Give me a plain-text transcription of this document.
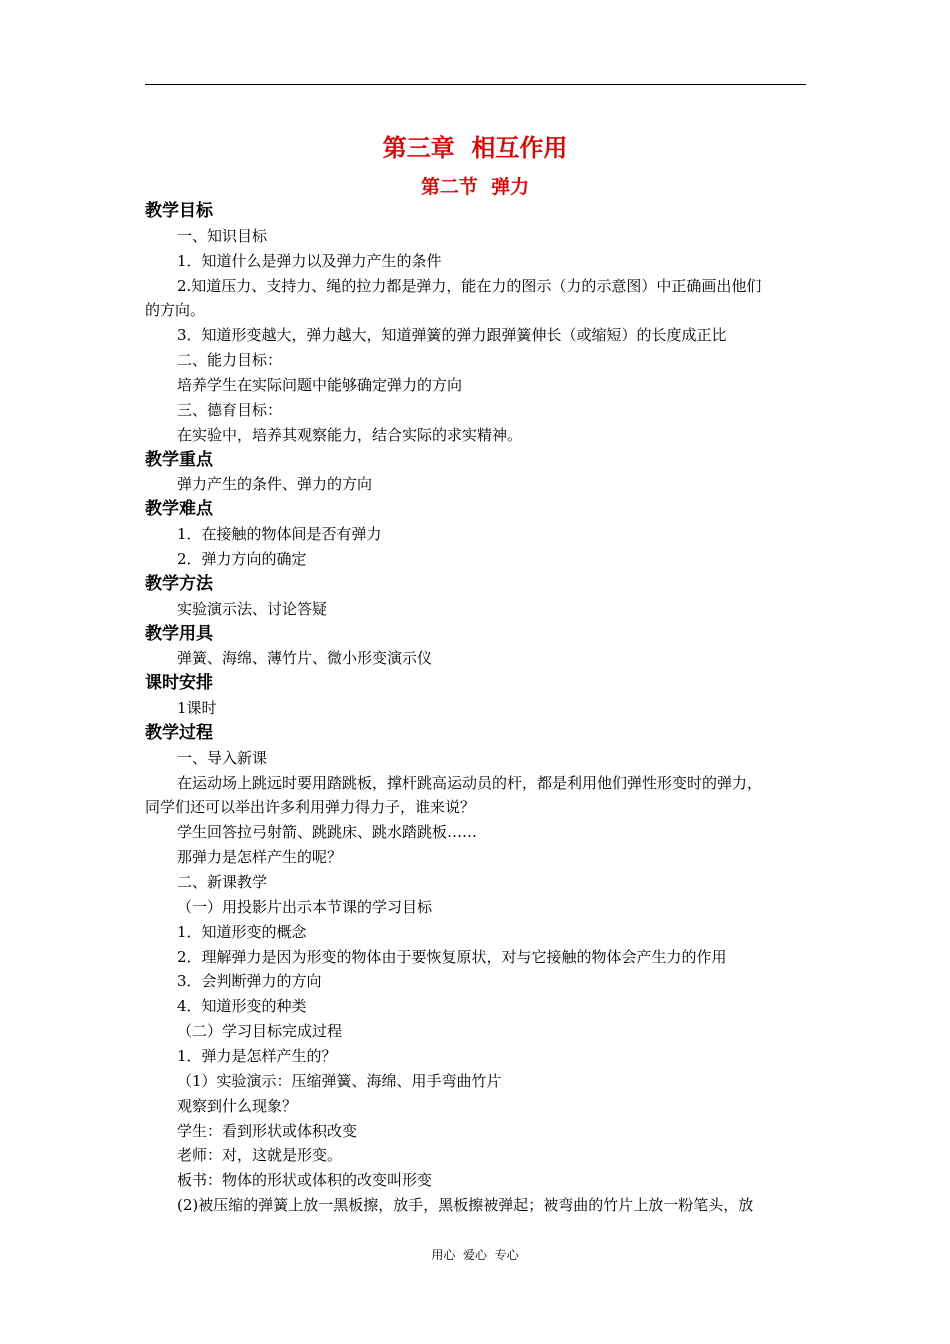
第三章  相互作用
第二节  弹力
教学目标
一、知识目标
1．知道什么是弹力以及弹力产生的条件
2.知道压力、支持力、绳的拉力都是弹力，能在力的图示（力的示意图）中正确画出他们
的方向。
3．知道形变越大，弹力越大，知道弹簧的弹力跟弹簧伸长（或缩短）的长度成正比
二、能力目标：
培养学生在实际问题中能够确定弹力的方向
三、德育目标：
在实验中，培养其观察能力，结合实际的求实精神。
教学重点
弹力产生的条件、弹力的方向
教学难点
1．在接触的物体间是否有弹力
2．弹力方向的确定
教学方法
实验演示法、讨论答疑
教学用具
弹簧、海绵、薄竹片、微小形变演示仪
课时安排
1课时
教学过程
一、导入新课
在运动场上跳远时要用踏跳板，撑杆跳高运动员的杆，都是利用他们弹性形变时的弹力，
同学们还可以举出许多利用弹力得力子，谁来说？
学生回答拉弓射箭、跳跳床、跳水踏跳板……
那弹力是怎样产生的呢？
二、新课教学
（一）用投影片出示本节课的学习目标
1．知道形变的概念
2．理解弹力是因为形变的物体由于要恢复原状，对与它接触的物体会产生力的作用
3．会判断弹力的方向
4．知道形变的种类
（二）学习目标完成过程
1．弹力是怎样产生的？
（1）实验演示：压缩弹簧、海绵、用手弯曲竹片
观察到什么现象？
学生：看到形状或体积改变
老师：对，这就是形变。
板书：物体的形状或体积的改变叫形变
(2)被压缩的弹簧上放一黑板擦，放手，黑板擦被弹起；被弯曲的竹片上放一粉笔头，放
用心  爱心  专心
